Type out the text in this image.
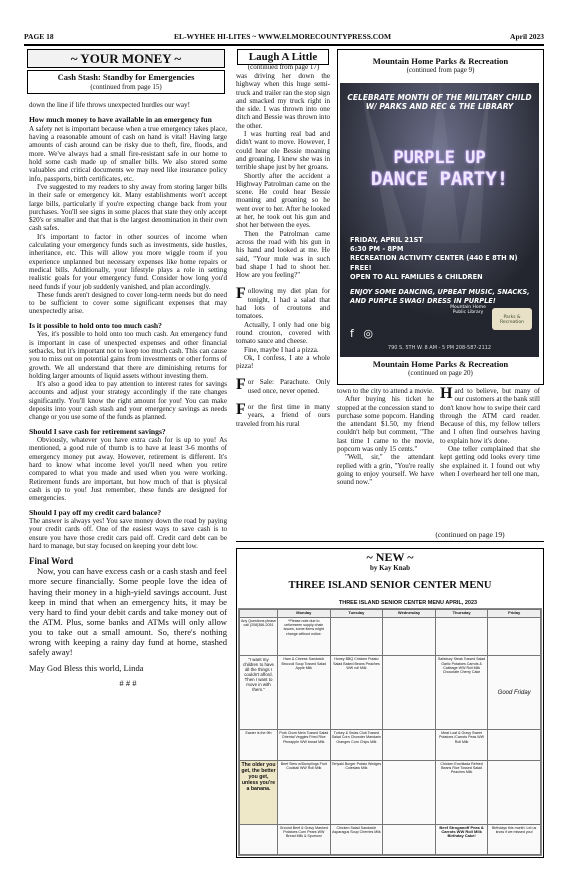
PAGE 18	EL-WYHEE HI-LITES ~ WWW.ELMORECOUNTYPRESS.COM	April 2023
~ YOUR MONEY ~
Cash Stash: Standby for Emergencies
(continued from page 15)

down the line if life throws unexpected hurdles our way!

How much money to have available in an emergency fun

A safety net is important because when a true emergency takes place, having a reasonable amount of cash on hand is vital! Having large amounts of cash around can be risky due to theft, fire, floods, and more. We've always had a small fire-resistant safe in our home to hold some cash made up of smaller bills. We also stored some valuables and critical documents we may need like insurance policy info, passports, birth certificates, etc.

I've suggested to my readers to shy away from storing larger bills in their safe or emergency kit. Many establishments won't accept large bills, particularly if you're expecting change back from your purchases. You'll see signs in some places that state they only accept $20's or smaller and that that is the largest denomination in their own cash safes.

It's important to factor in other sources of income when calculating your emergency funds such as investments, side hustles, inheritance, etc. This will allow you more wiggle room if you experience unplanned but necessary expenses like home repairs or medical bills. Additionally, your lifestyle plays a role in setting realistic goals for your emergency fund. Consider how long you'd need funds if your job suddenly vanished, and plan accordingly.

These funds aren't designed to cover long-term needs but do need to be sufficient to cover some significant expenses that may unexpectedly arise.

Is it possible to hold onto too much cash?

Yes, it's possible to hold onto too much cash. An emergency fund is important in case of unexpected expenses and other financial setbacks, but it's important not to keep too much cash. This can cause you to miss out on potential gains from investments or other forms of growth. We all understand that there are diminishing returns for holding larger amounts of liquid assets without investing them.

It's also a good idea to pay attention to interest rates for savings accounts and adjust your strategy accordingly if the rate changes significantly. You'll know the right amount for you! You can make deposits into your cash stash and your emergency savings as needs change or you use some of the funds as planned.

Should I save cash for retirement savings?

Obviously, whatever you have extra cash for is up to you! As mentioned, a good rule of thumb is to have at least 3-6 months of emergency money put away. However, retirement is different. It's hard to know what income level you'll need when you retire compared to what you made and used when you were working. Retirement funds are important, but how much of that is physical cash is up to you! Just remember, these funds are designed for emergencies.

Should I pay off my credit card balance?

The answer is always yes! You save money down the road by paying your credit cards off. One of the easiest ways to save cash is to ensure you have those credit cars paid off. Credit card debt can be hard to manage, but stay focused on keeping your debt low.

Final Word

Now, you can have excess cash or a cash stash and feel more secure financially. Some people love the idea of having their money in a high-yield savings account. Just keep in mind that when an emergency hits, it may be very hard to find your debit cards and take money out of the ATM. Plus, some banks and ATMs will only allow you to take out a small amount. So, there's nothing wrong with keeping a rainy day fund at home, stashed safely away!

May God Bless this world, Linda

# # #

Laugh A Little
(continued from page 17)

was driving her down the highway when this huge semi-truck and trailer ran the stop sign and smacked my truck right in the side. I was thrown into one ditch and Bessie was thrown into the other.

I was hurting real bad and didn't want to move. However, I could hear ole Bessie moaning and groaning. I knew she was in terrible shape just by her groans.

Shortly after the accident a Highway Patrolman came on the scene. He could hear Bessie moaning and groaning so he went over to her. After he looked at her, he took out his gun and shot her between the eyes.

Then the Patrolman came across the road with his gun in his hand and looked at me. He said, "Your mule was in such bad shape I had to shoot her. How are you feeling?"

Following my diet plan for tonight, I had a salad that had lots of croutons and tomatoes.

Actually, I only had one big round crouton, covered with tomato sauce and cheese.

Fine, maybe I had a pizza.

Ok, I confess, I ate a whole pizza!

For Sale: Parachute. Only used once, never opened.

For the first time in many years, a friend of ours traveled from his rural

town to the city to attend a movie.

After buying his ticket he stopped at the concession stand to purchase some popcorn. Handing the attendant $1.50, my friend couldn't help but comment, "The last time I came to the movie, popcorn was only 15 cents."

"Well, sir," the attendant replied with a grin, "You're really going to enjoy yourself. We have sound now."

Hard to believe, but many of our customers at the bank still don't know how to swipe their card through the ATM card reader. Because of this, my fellow tellers and I often find ourselves having to explain how it's done.

One teller complained that she kept getting odd looks every time she explained it. I found out why when I overheard her tell one man,

(continued on page 19)
Mountain Home Parks & Recreation
(continued from page 9)
CELEBRATE MONTH OF THE MILITARY CHILD W/ PARKS AND REC & THE LIBRARY
PURPLE UP
DANCE PARTY!
FRIDAY, APRIL 21ST
6:30 PM - 8PM
RECREATION ACTIVITY CENTER (440 E 8TH N)
FREE!
OPEN TO ALL FAMILIES & CHILDREN
ENJOY SOME DANCING, UPBEAT MUSIC, SNACKS, AND PURPLE SWAG! DRESS IN PURPLE!
f ◎
Mountain Home Public Library
Parks & Recreation
790 S. 5TH W. 8 AM - 5 PM 208-587-2112
Mountain Home Parks & Recreation
(continued on page 20)
~ NEW ~
by Kay Knab
THREE ISLAND SENIOR CENTER MENU
THREE ISLAND SENIOR CENTER MENU APRIL, 2023
	Monday	Tuesday	Wednesday	Thursday	Friday
Any Questions please call (208)366-2051	*Please note due to unforeseen supply chain issues, some items might change without notice.				
"I want my children to have all the things I couldn't afford. Then I want to move in with them."	Ham & Cheese Sandwich Broccoli Soup Tossed Salad Apple Milk	Honey BBQ Chicken Potato Salad Baked Beans Peaches WW roll Milk		Salisbury Steak Tossed Salad Garlic Potatoes Carrots & Cabbage WW Roll Milk Chocolate Cherry Cake	Good Friday
Easter is the 9th	Pork Chow Mein Tossed Salad Oriental Veggies Fried Rice Pineapple WW bread Milk	Turkey & Swiss Club Tossed Salad Corn Chowder Mandarin Oranges Corn Chips Milk		Meat Loaf & Gravy Sweet Potatoes /Carrots Peas WW Roll Milk	
The older you get, the better you get, unless you're a banana.	Beef Stew w/Dumplings Fruit Cocktail WW Roll Milk	Teriyaki Burger Potato Wedges Coleslaw Milk		Chicken Enchilada Refried Beans Rice Tossed Salad Peaches Milk	
	Ground Beef & Gravy Mashed Potatoes Corn Pears WW Bread Milk & Spumoni	Chicken Salad Sandwich Asparagus Soup Cherries Milk		Beef Stroganoff Peas & Carrots WW Roll Milk Birthday Cake!	Birthdays this month: Let us know if we missed you!
